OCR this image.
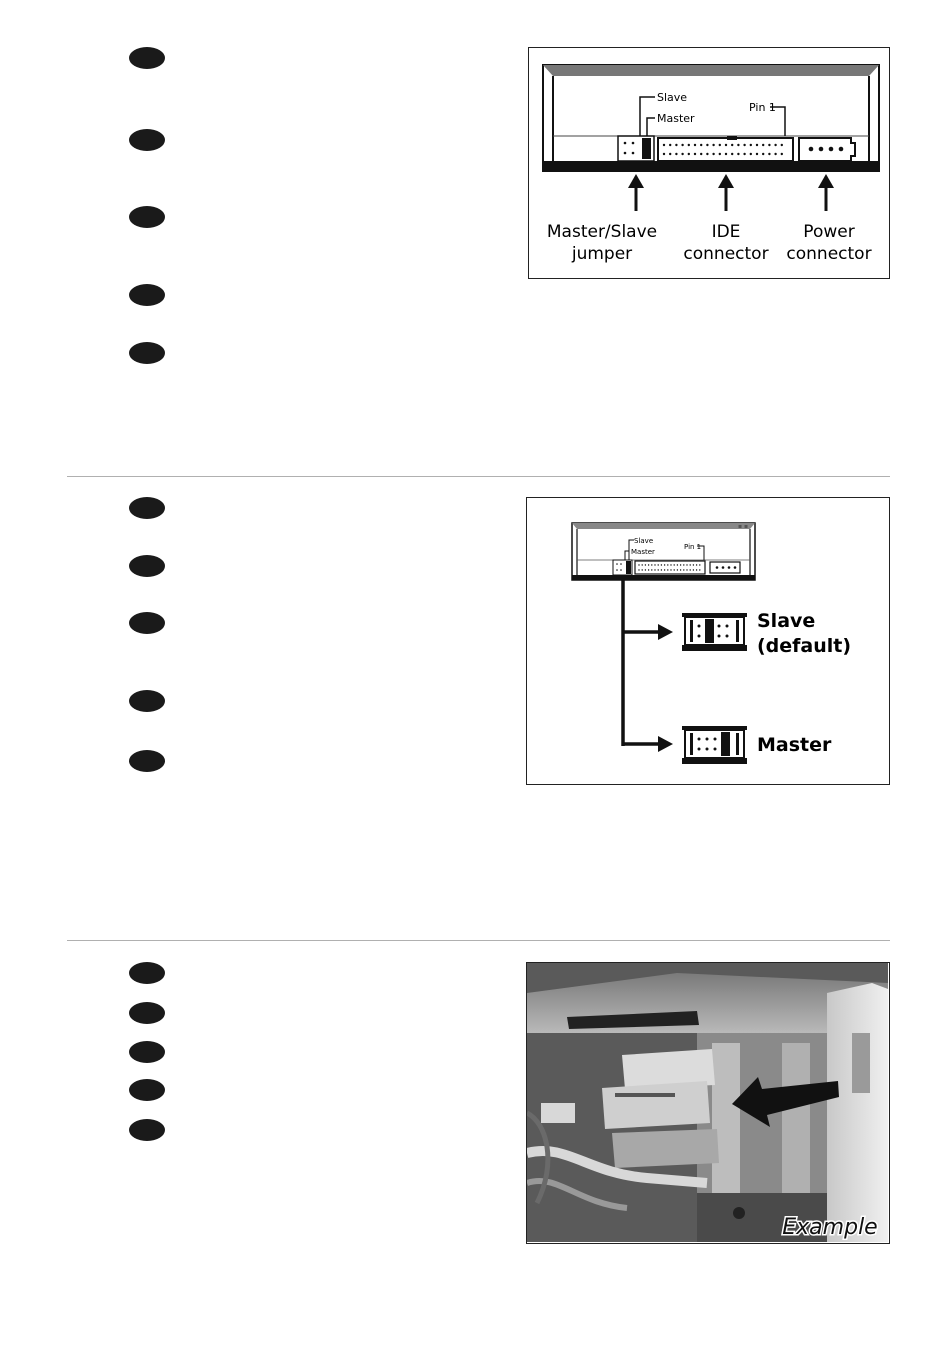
Slave
Master
Pin 1
Master/Slave
jumper
IDE
connector
Power
connector
▪ ▪
Slave
Master
Pin 1
Slave
(default)
Master
Example
